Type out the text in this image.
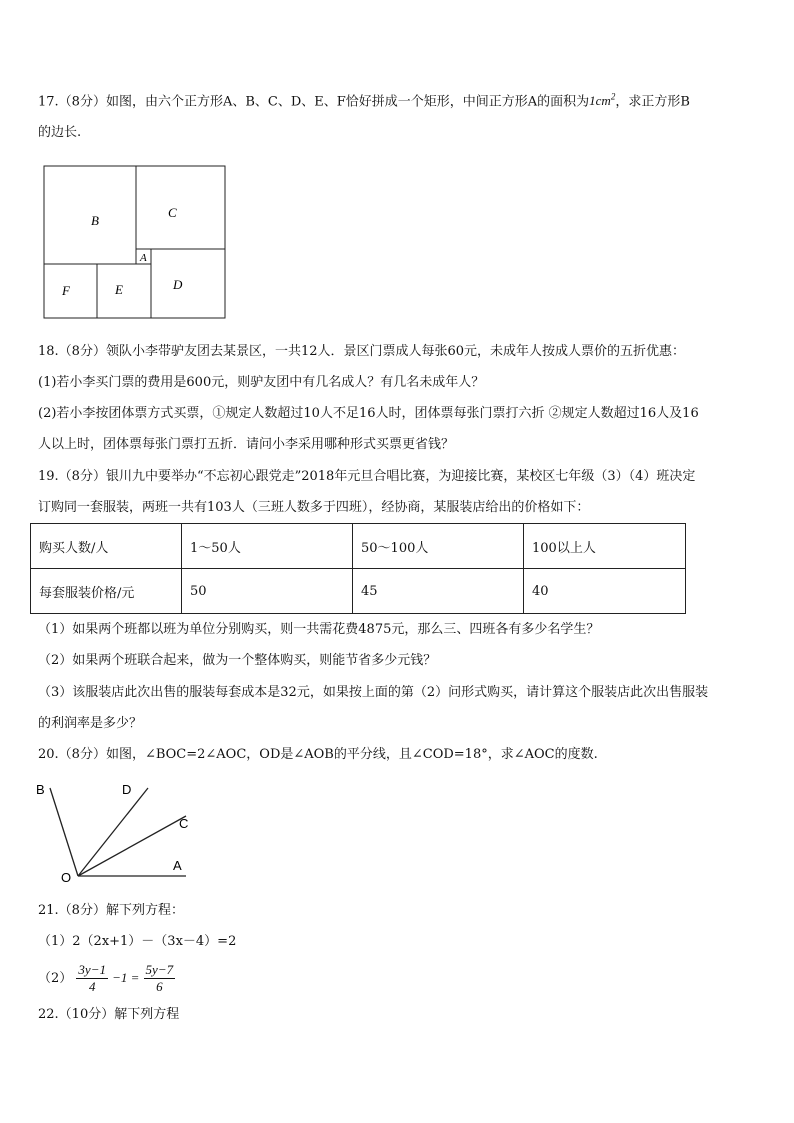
17.（8分）如图，由六个正方形A、B、C、D、E、F恰好拼成一个矩形，中间正方形A的面积为$1cm^2$，求正方形B
的边长.
B
C
A
F	E	D
18.（8分）领队小李带驴友团去某景区，一共12人．景区门票成人每张60元，未成年人按成人票价的五折优惠：
(1)若小李买门票的费用是600元，则驴友团中有几名成人？有几名未成年人？
(2)若小李按团体票方式买票，①规定人数超过10人不足16人时，团体票每张门票打六折 ②规定人数超过16人及16
人以上时，团体票每张门票打五折．请问小李采用哪种形式买票更省钱？
19.（8分）银川九中要举办“不忘初心跟党走”2018年元旦合唱比赛，为迎接比赛，某校区七年级（3）（4）班决定
订购同一套服装，两班一共有103人（三班人数多于四班），经协商，某服装店给出的价格如下：
购买人数/人	1～50人	50～100人	100以上人
每套服装价格/元	50	45	40
（1）如果两个班都以班为单位分别购买，则一共需花费4875元，那么三、四班各有多少名学生？
（2）如果两个班联合起来，做为一个整体购买，则能节省多少元钱？
（3）该服装店此次出售的服装每套成本是32元，如果按上面的第（2）问形式购买，请计算这个服装店此次出售服装
的利润率是多少？
20.（8分）如图，∠BOC=2∠AOC，OD是∠AOB的平分线，且∠COD=18°，求∠AOC的度数.
B	D
C
O
A
21.（8分）解下列方程：
（1）2（2x+1）－（3x－4）=2
$(2) \frac{3y-1}{4} -1 = \frac{5y-7}{6}$
22.（10分）解下列方程
